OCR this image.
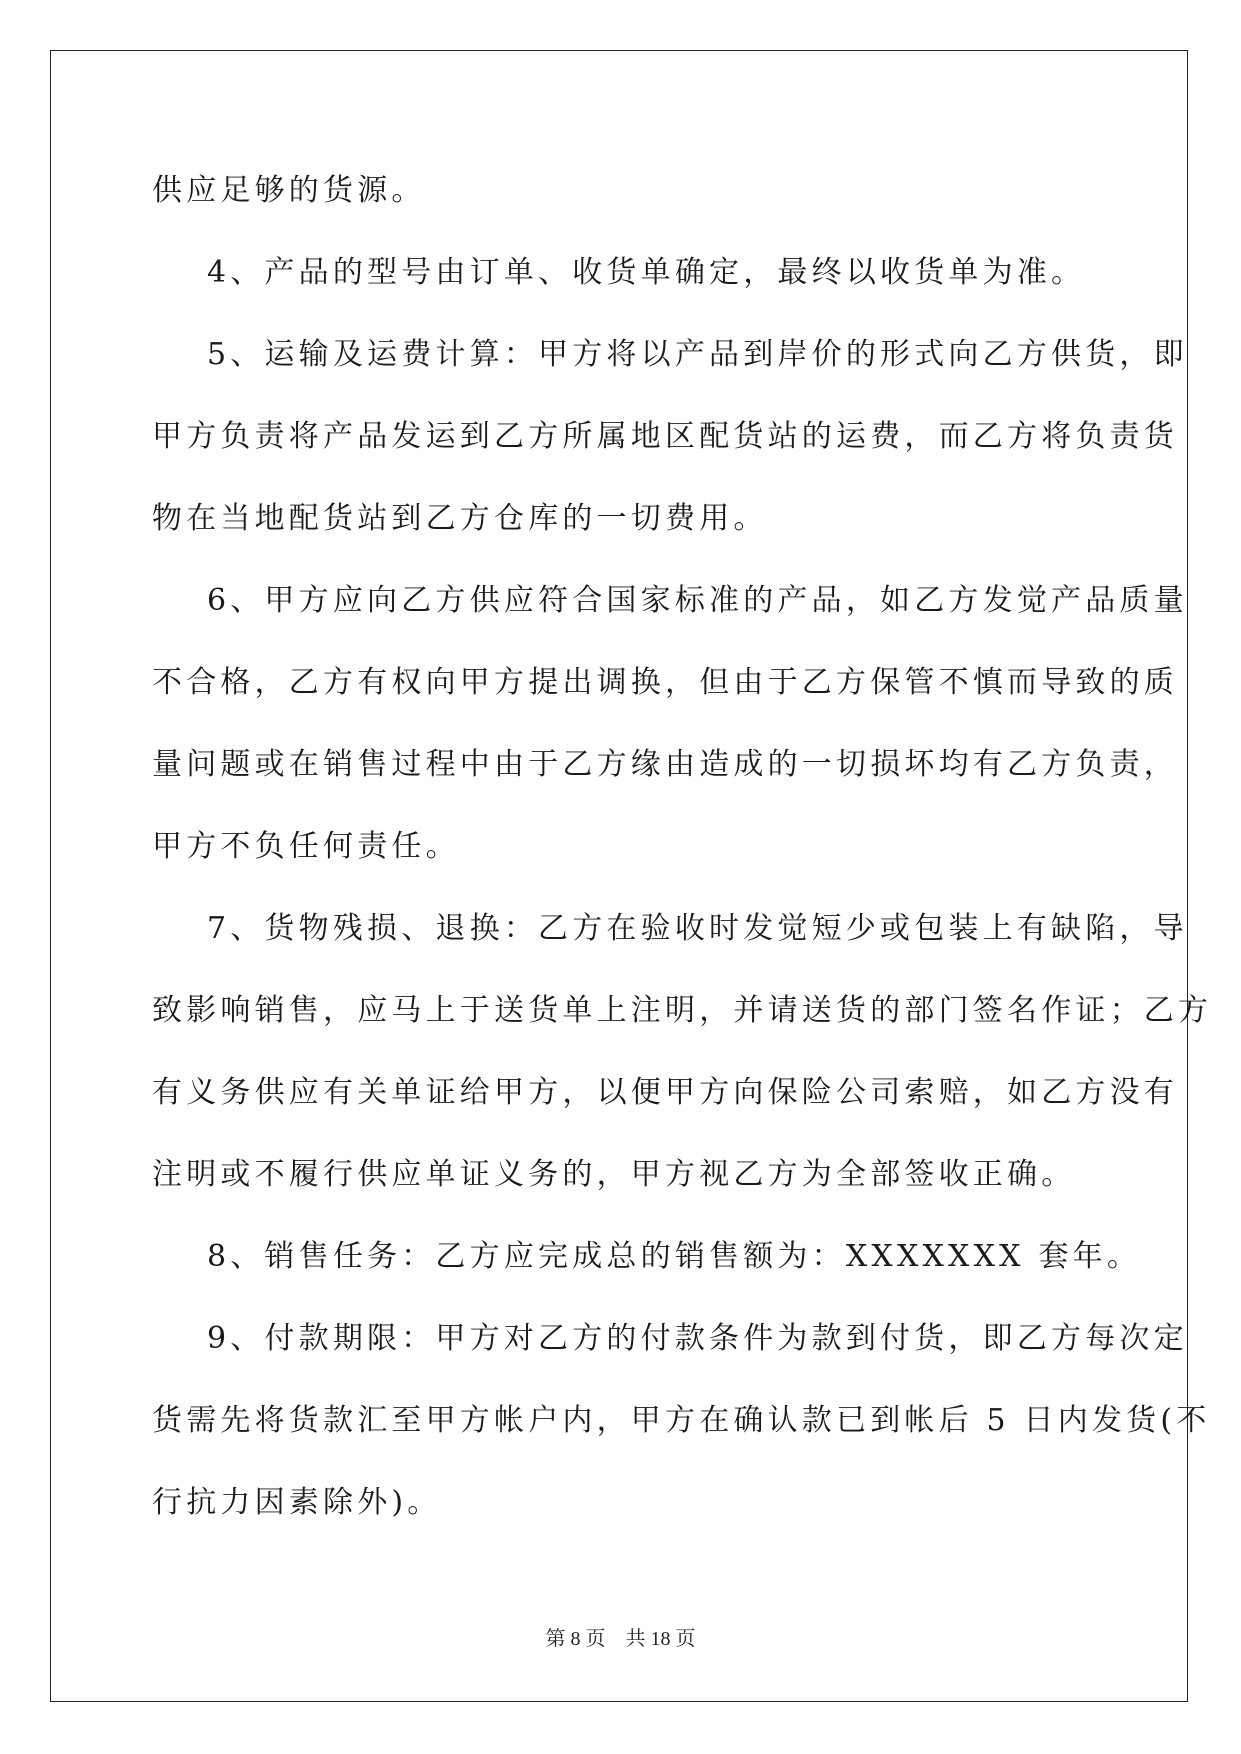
供应足够的货源。
4、产品的型号由订单、收货单确定，最终以收货单为准。
5、运输及运费计算：甲方将以产品到岸价的形式向乙方供货，即
甲方负责将产品发运到乙方所属地区配货站的运费，而乙方将负责货
物在当地配货站到乙方仓库的一切费用。
6、甲方应向乙方供应符合国家标准的产品，如乙方发觉产品质量
不合格，乙方有权向甲方提出调换，但由于乙方保管不慎而导致的质
量问题或在销售过程中由于乙方缘由造成的一切损坏均有乙方负责，
甲方不负任何责任。
7、货物残损、退换：乙方在验收时发觉短少或包装上有缺陷，导
致影响销售，应马上于送货单上注明，并请送货的部门签名作证；乙方
有义务供应有关单证给甲方，以便甲方向保险公司索赔，如乙方没有
注明或不履行供应单证义务的，甲方视乙方为全部签收正确。
8、销售任务：乙方应完成总的销售额为：XXXXXXX 套年。
9、付款期限：甲方对乙方的付款条件为款到付货，即乙方每次定
货需先将货款汇至甲方帐户内，甲方在确认款已到帐后 5 日内发货(不
行抗力因素除外)。
第 8 页    共 18 页
